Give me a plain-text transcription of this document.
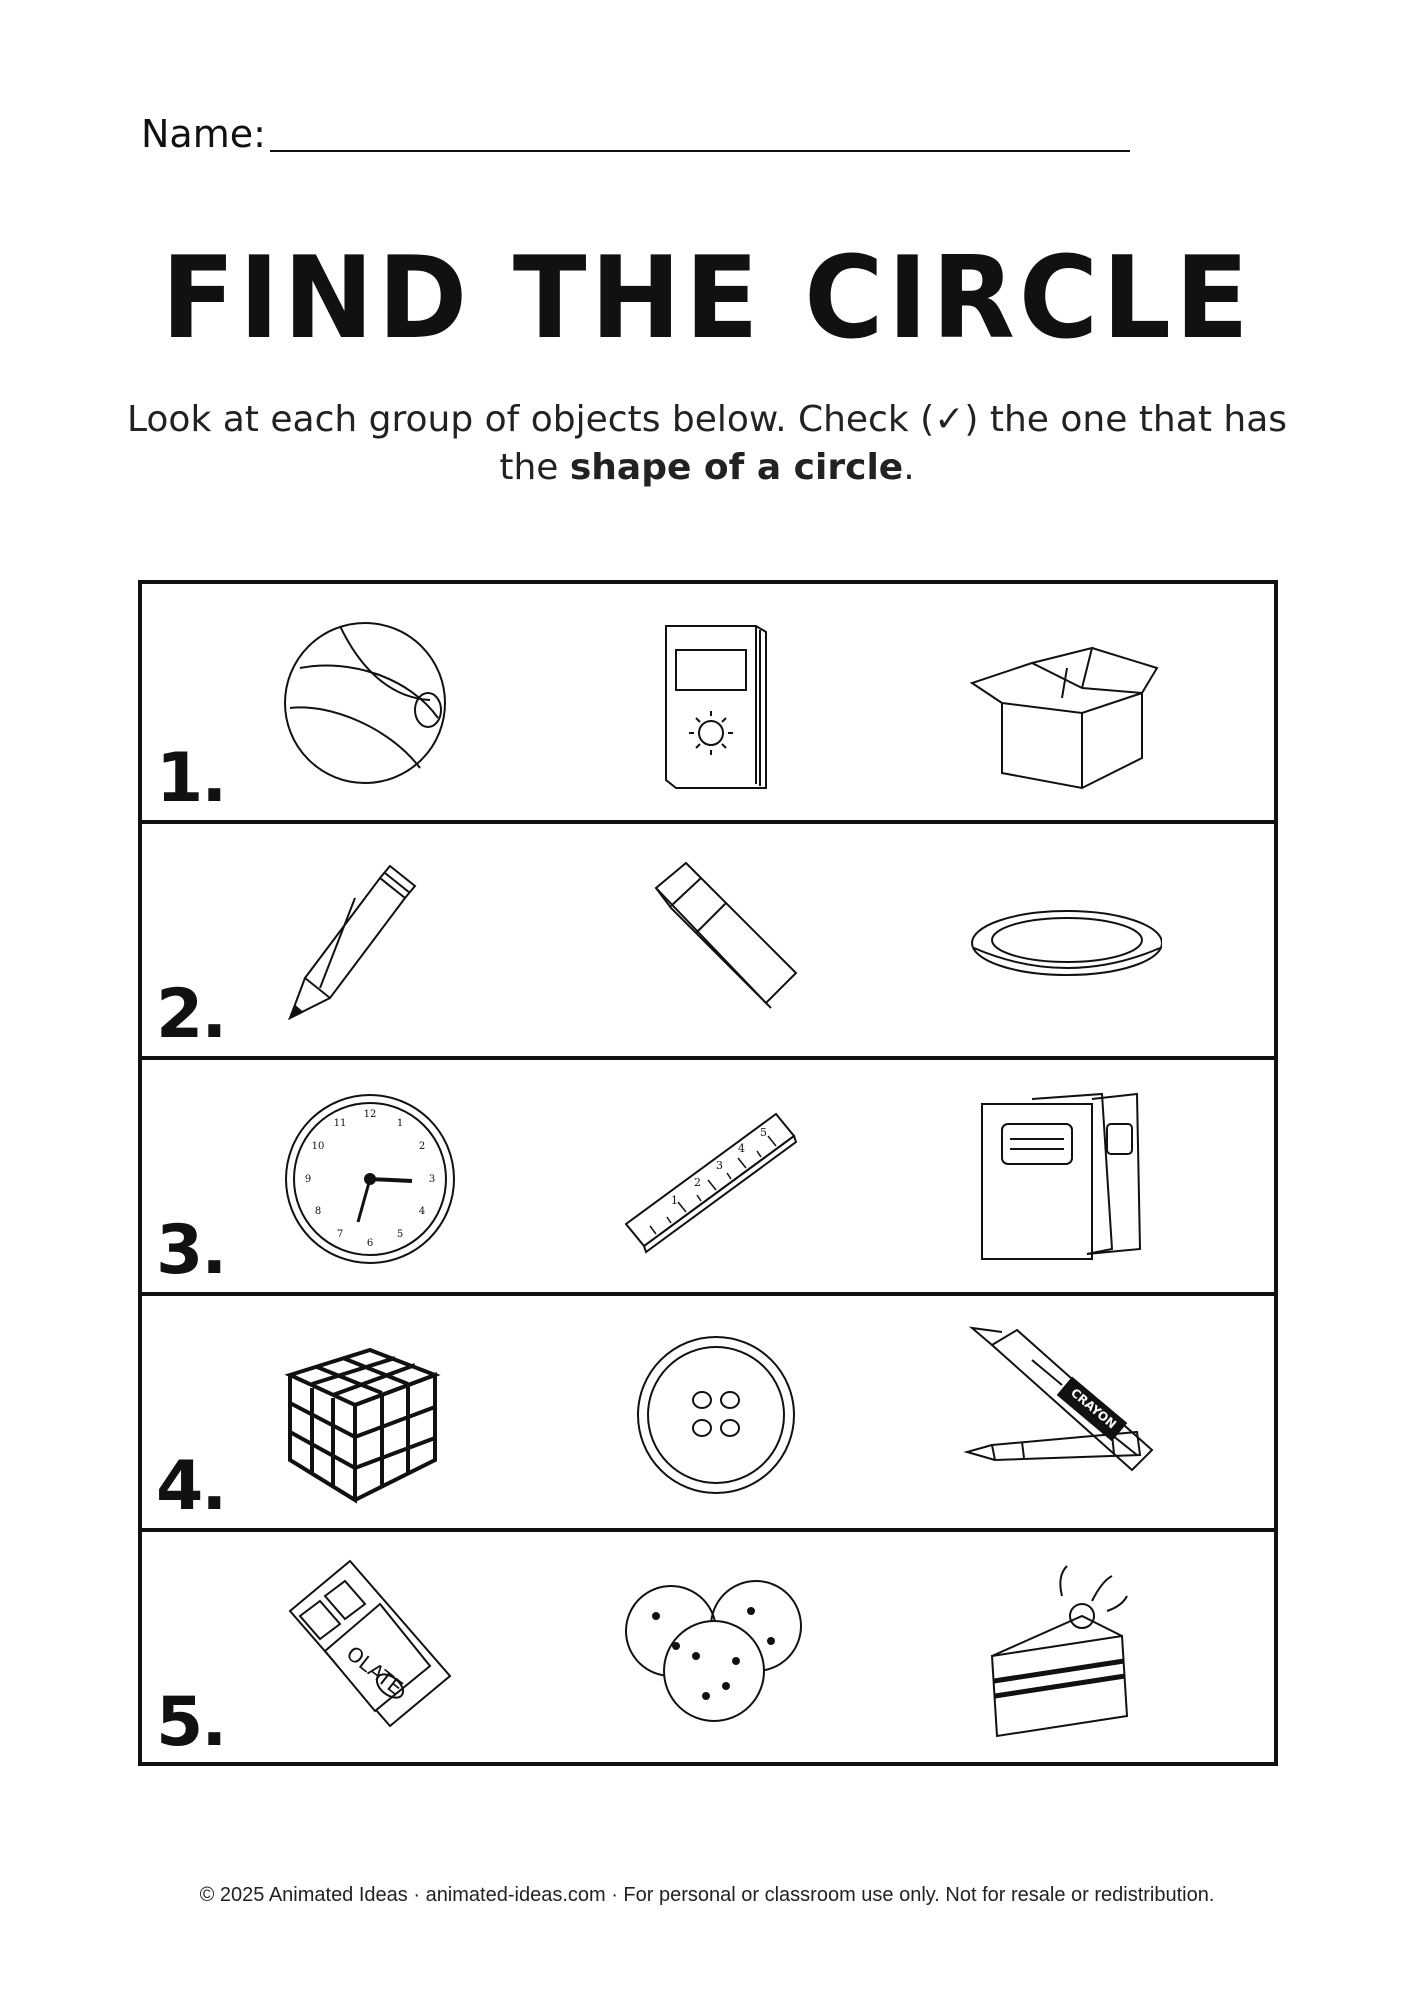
Name:
FIND THE CIRCLE
Look at each group of objects below. Check (✓) the one that has the shape of a circle.
1.
2.
3.
12
1
2
3
4
5
6
7
8
9
10
11
1
2
3
4
5
4.
CRAYON
5.
OLATE
© 2025 Animated Ideas · animated-ideas.com · For personal or classroom use only. Not for resale or redistribution.
